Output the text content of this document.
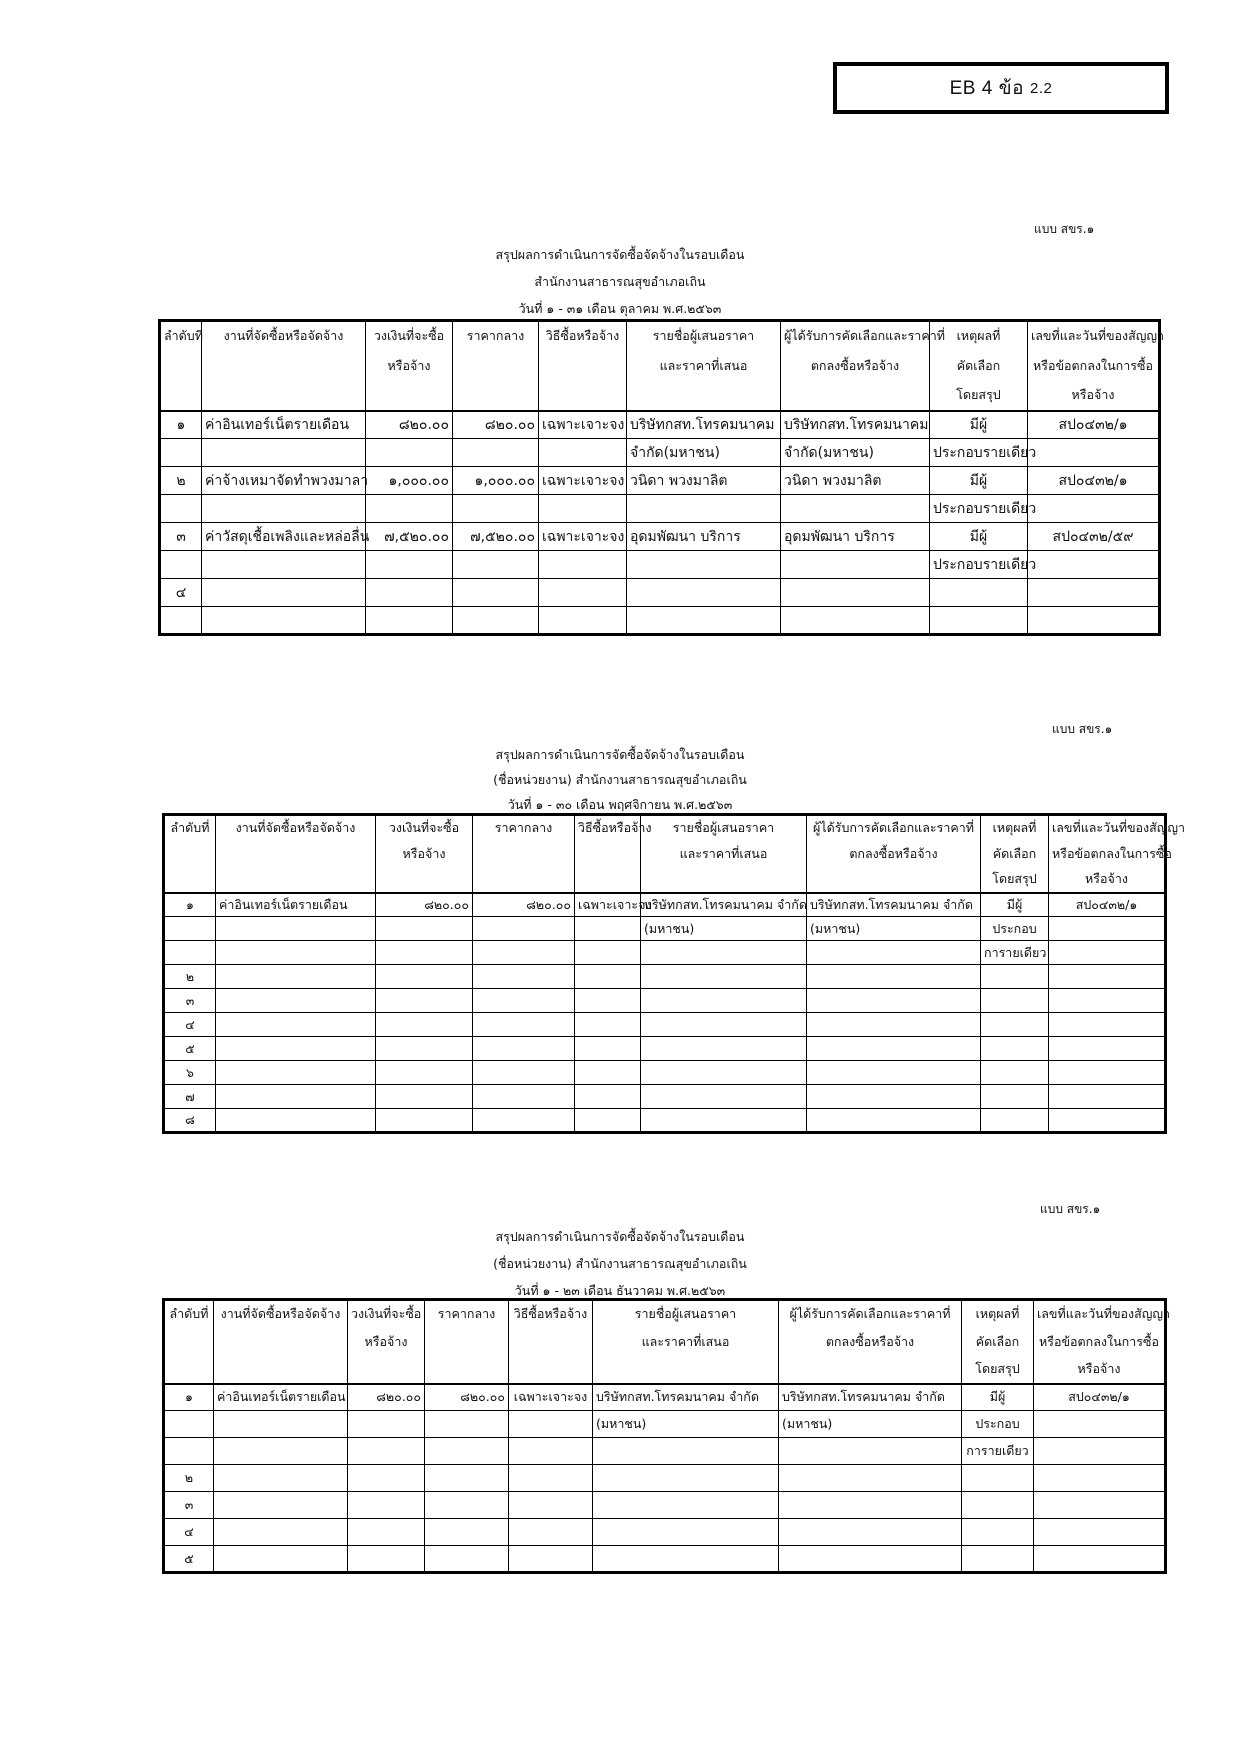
EB 4 ข้อ 2.2
แบบ สขร.๑
สรุปผลการดำเนินการจัดซื้อจัดจ้างในรอบเดือน
สำนักงานสาธารณสุขอำเภอเถิน
วันที่ ๑ - ๓๑ เดือน ตุลาคม พ.ศ.๒๕๖๓
ลำดับที่	งานที่จัดซื้อหรือจัดจ้าง	วงเงินที่จะซื้อ	ราคากลาง	วิธีซื้อหรือจ้าง	รายชื่อผู้เสนอราคา	ผู้ได้รับการคัดเลือกและราคาที่	เหตุผลที่	เลขที่และวันที่ของสัญญา
		หรือจ้าง			และราคาที่เสนอ	ตกลงซื้อหรือจ้าง	คัดเลือก	หรือข้อตกลงในการซื้อ
							โดยสรุป	หรือจ้าง
๑	ค่าอินเทอร์เน็ตรายเดือน	๘๒๐.๐๐	๘๒๐.๐๐	เฉพาะเจาะจง	บริษัทกสท.โทรคมนาคม	บริษัทกสท.โทรคมนาคม	มีผู้	สป๐๔๓๒/๑
					จำกัด(มหาชน)	จำกัด(มหาชน)	ประกอบรายเดียว	
๒	ค่าจ้างเหมาจัดทำพวงมาลา	๑,๐๐๐.๐๐	๑,๐๐๐.๐๐	เฉพาะเจาะจง	วนิดา พวงมาลิต	วนิดา พวงมาลิต	มีผู้	สป๐๔๓๒/๑
							ประกอบรายเดียว	
๓	ค่าวัสดุเชื้อเพลิงและหล่อลื่น	๗,๕๒๐.๐๐	๗,๕๒๐.๐๐	เฉพาะเจาะจง	อุดมพัฒนา บริการ	อุดมพัฒนา บริการ	มีผู้	สป๐๔๓๒/๕๙
							ประกอบรายเดียว	
๔								

แบบ สขร.๑
สรุปผลการดำเนินการจัดซื้อจัดจ้างในรอบเดือน
(ชื่อหน่วยงาน) สำนักงานสาธารณสุขอำเภอเถิน
วันที่ ๑ - ๓๐ เดือน พฤศจิกายน พ.ศ.๒๕๖๓
ลำดับที่	งานที่จัดซื้อหรือจัดจ้าง	วงเงินที่จะซื้อ	ราคากลาง	วิธีซื้อหรือจ้าง	รายชื่อผู้เสนอราคา	ผู้ได้รับการคัดเลือกและราคาที่	เหตุผลที่	เลขที่และวันที่ของสัญญา
		หรือจ้าง			และราคาที่เสนอ	ตกลงซื้อหรือจ้าง	คัดเลือก	หรือข้อตกลงในการซื้อ
							โดยสรุป	หรือจ้าง
๑	ค่าอินเทอร์เน็ตรายเดือน	๘๒๐.๐๐	๘๒๐.๐๐	เฉพาะเจาะจง	บริษัทกสท.โทรคมนาคม จำกัด	บริษัทกสท.โทรคมนาคม จำกัด	มีผู้	สป๐๔๓๒/๑
					(มหาชน)	(มหาชน)	ประกอบ	
							การายเดียว	
๒								
๓								
๔								
๕								
๖								
๗								
๘								
แบบ สขร.๑
สรุปผลการดำเนินการจัดซื้อจัดจ้างในรอบเดือน
(ชื่อหน่วยงาน) สำนักงานสาธารณสุขอำเภอเถิน
วันที่ ๑ - ๒๓ เดือน ธันวาคม พ.ศ.๒๕๖๓
ลำดับที่	งานที่จัดซื้อหรือจัดจ้าง	วงเงินที่จะซื้อ	ราคากลาง	วิธีซื้อหรือจ้าง	รายชื่อผู้เสนอราคา	ผู้ได้รับการคัดเลือกและราคาที่	เหตุผลที่	เลขที่และวันที่ของสัญญา
		หรือจ้าง			และราคาที่เสนอ	ตกลงซื้อหรือจ้าง	คัดเลือก	หรือข้อตกลงในการซื้อ
							โดยสรุป	หรือจ้าง
๑	ค่าอินเทอร์เน็ตรายเดือน	๘๒๐.๐๐	๘๒๐.๐๐	เฉพาะเจาะจง	บริษัทกสท.โทรคมนาคม จำกัด	บริษัทกสท.โทรคมนาคม จำกัด	มีผู้	สป๐๔๓๒/๑
					(มหาชน)	(มหาชน)	ประกอบ	
							การายเดียว	
๒								
๓								
๔								
๕								
